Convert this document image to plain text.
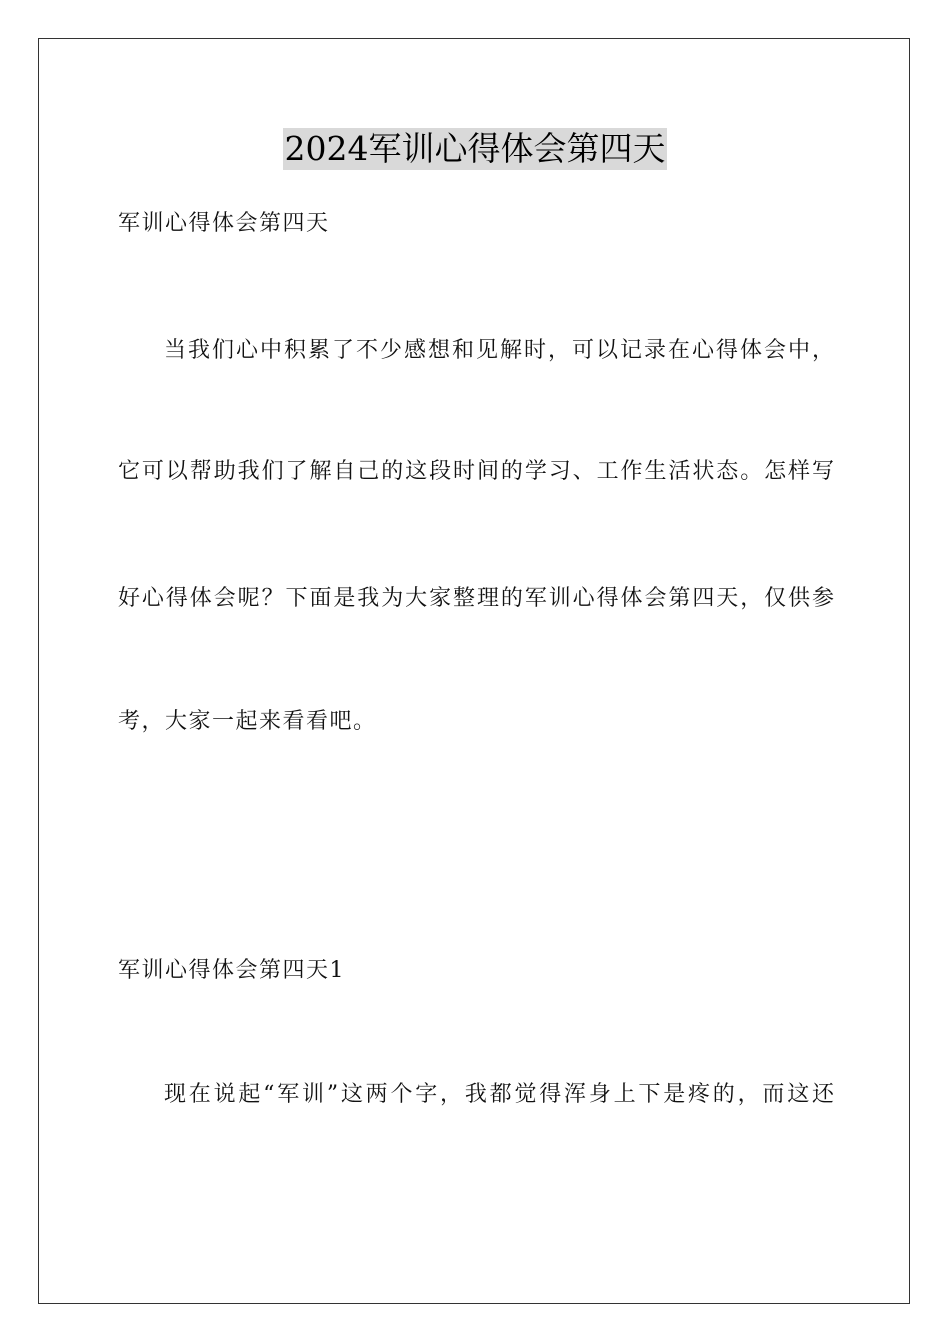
2024军训心得体会第四天
军训心得体会第四天
当我们心中积累了不少感想和见解时，可以记录在心得体会中，
它可以帮助我们了解自己的这段时间的学习、工作生活状态。怎样写
好心得体会呢？下面是我为大家整理的军训心得体会第四天，仅供参
考，大家一起来看看吧。
军训心得体会第四天1
现在说起“军训”这两个字，我都觉得浑身上下是疼的，而这还
